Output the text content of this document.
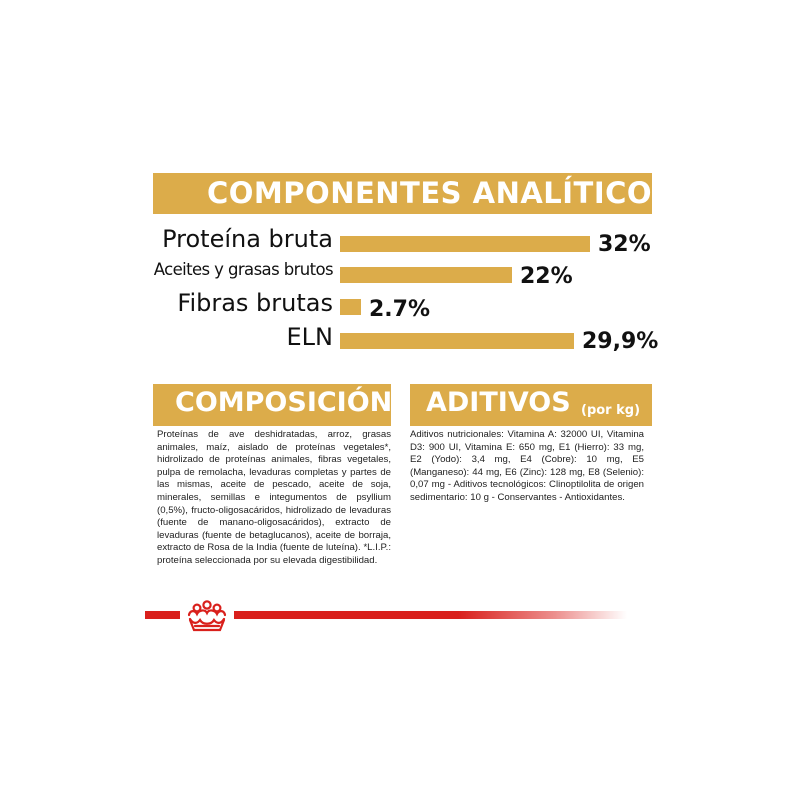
COMPONENTES ANALÍTICOS
Proteína bruta	32%
Aceites y grasas brutos	22%
Fibras brutas 2.7%
ELN	29,9%
COMPOSICIÓN

Proteínas de ave deshidratadas, arroz, grasas animales, maíz, aislado de proteínas vegetales*, hidrolizado de proteínas animales, fibras vegetales, pulpa de remolacha, levaduras completas y partes de las mismas, aceite de pescado, aceite de soja, minerales, semillas e integumentos de psyllium (0,5%), fructo-oligosacáridos, hidrolizado de levaduras (fuente de manano-oligosacáridos), extracto de levaduras (fuente de betaglucanos), aceite de borraja, extracto de Rosa de la India (fuente de luteína). *L.I.P.: proteína seleccionada por su elevada digestibilidad.

ADITIVOS (por kg)

Aditivos nutricionales: Vitamina A: 32000 UI, Vitamina D3: 900 UI, Vitamina E: 650 mg, E1 (Hierro): 33 mg, E2 (Yodo): 3,4 mg, E4 (Cobre): 10 mg, E5 (Manganeso): 44 mg, E6 (Zinc): 128 mg, E8 (Selenio): 0,07 mg - Aditivos tecnológicos: Clinoptilolita de origen sedimentario: 10 g - Conservantes - Antioxidantes.
